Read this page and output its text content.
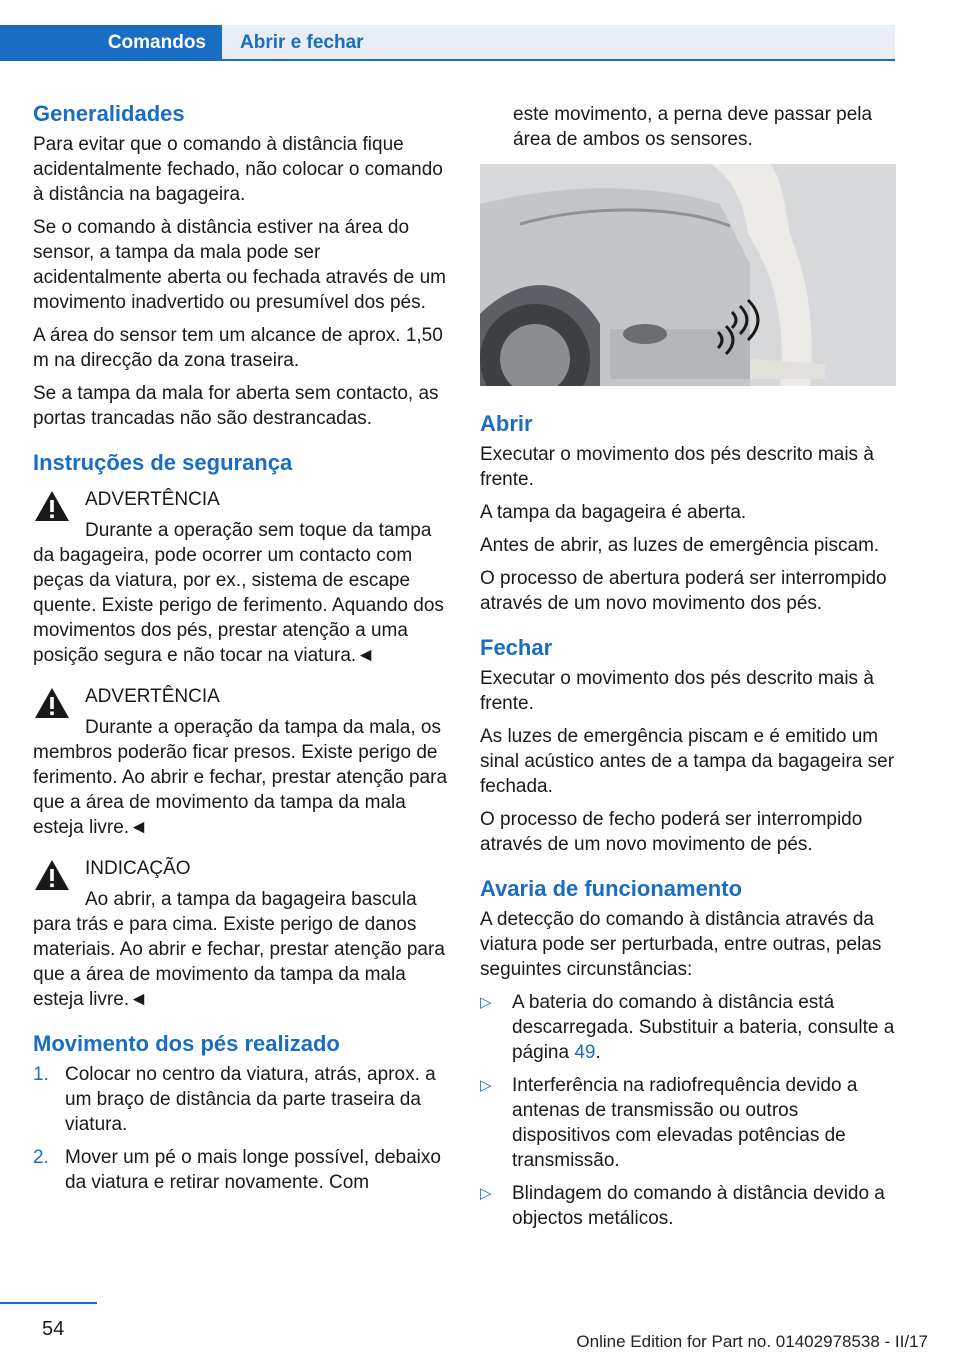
Comandos	Abrir e fechar
Generalidades

Para evitar que o comando à distância fique acidentalmente fechado, não colocar o comando à distância na bagageira.

Se o comando à distância estiver na área do sensor, a tampa da mala pode ser acidentalmente aberta ou fechada através de um movimento inadvertido ou presumível dos pés.

A área do sensor tem um alcance de aprox. 1,50 m na direcção da zona traseira.

Se a tampa da mala for aberta sem contacto, as portas trancadas não são destrancadas.

Instruções de segurança
ADVERTÊNCIA
Durante a operação sem toque da tampa da bagageira, pode ocorrer um contacto com peças da viatura, por ex., sistema de escape quente. Existe perigo de ferimento. Aquando dos movimentos dos pés, prestar atenção a uma posição segura e não tocar na viatura.◄
ADVERTÊNCIA
Durante a operação da tampa da mala, os membros poderão ficar presos. Existe perigo de ferimento. Ao abrir e fechar, prestar atenção para que a área de movimento da tampa da mala esteja livre.◄
INDICAÇÃO
Ao abrir, a tampa da bagageira bascula para trás e para cima. Existe perigo de danos materiais. Ao abrir e fechar, prestar atenção para que a área de movimento da tampa da mala esteja livre.◄
Movimento dos pés realizado
1. Colocar no centro da viatura, atrás, aprox. a um braço de distância da parte traseira da viatura.
2. Mover um pé o mais longe possível, debaixo da viatura e retirar novamente. Com

este movimento, a perna deve passar pela área de ambos os sensores.

Abrir

Executar o movimento dos pés descrito mais à frente.

A tampa da bagageira é aberta.

Antes de abrir, as luzes de emergência piscam.

O processo de abertura poderá ser interrompido através de um novo movimento dos pés.

Fechar

Executar o movimento dos pés descrito mais à frente.

As luzes de emergência piscam e é emitido um sinal acústico antes de a tampa da bagageira ser fechada.

O processo de fecho poderá ser interrompido através de um novo movimento de pés.

Avaria de funcionamento

A detecção do comando à distância através da viatura pode ser perturbada, entre outras, pelas seguintes circunstâncias:

▷ A bateria do comando à distância está descarregada. Substituir a bateria, consulte a página 49.
▷ Interferência na radiofrequência devido a antenas de transmissão ou outros dispositivos com elevadas potências de transmissão.
▷ Blindagem do comando à distância devido a objectos metálicos.
54
Online Edition for Part no. 01402978538 - II/17
